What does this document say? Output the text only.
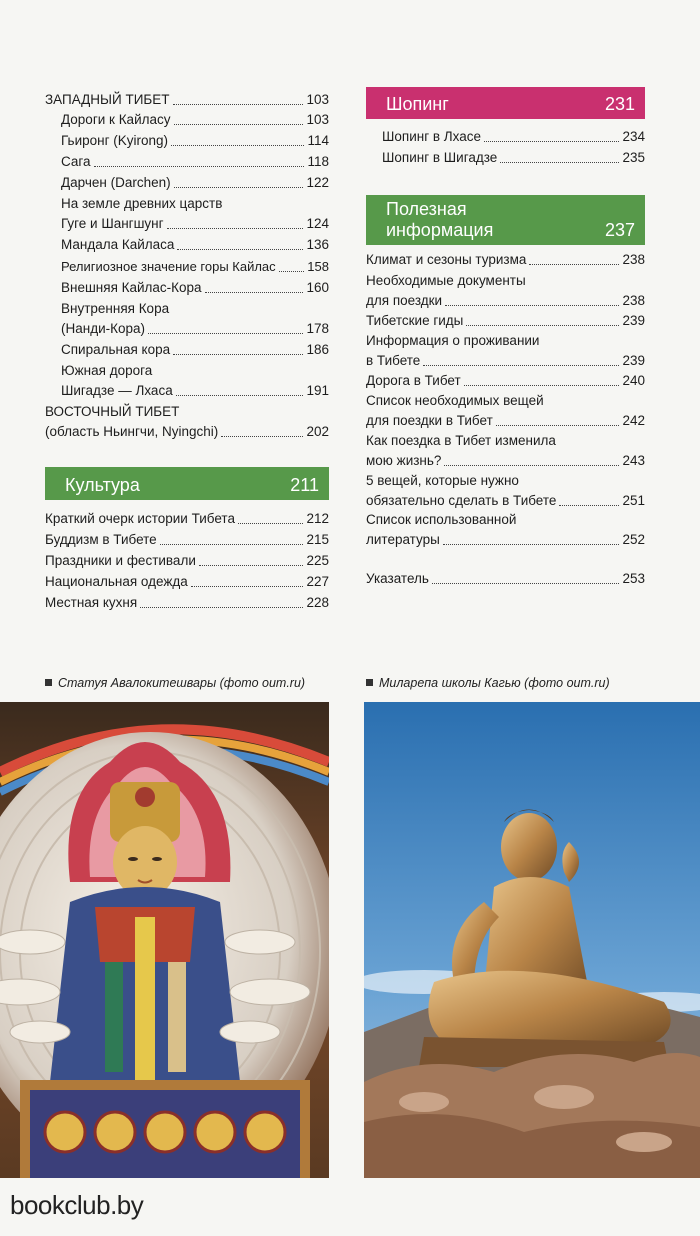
ЗАПАДНЫЙ ТИБЕТ	103
Дороги к Кайласу	103
Гьиронг (Kyirong)	114
Сага	118
Дарчен (Darchen)	122
На земле древних царств
Гуге и Шангшунг	124
Мандала Кайласа	136
Религиозное значение горы Кайлас 158
Внешняя Кайлас-Кора	160
Внутренняя Кора
(Нанди-Кора)	178
Спиральная кора	186
Южная дорога
Шигадзе — Лхаса	191
ВОСТОЧНЫЙ ТИБЕТ
(область Ньингчи, Nyingchi)	202
Культура	211
Краткий очерк истории Тибета	212
Буддизм в Тибете	215
Праздники и фестивали	225
Национальная одежда	227
Местная кухня	228
Шопинг	231
Шопинг в Лхасе	234
Шопинг в Шигадзе	235
Полезная
информация	237
Климат и сезоны туризма	238
Необходимые документы
для поездки	238
Тибетские гиды	239
Информация о проживании
в Тибете	239
Дорога в Тибет	240
Список необходимых вещей
для поездки в Тибет	242
Как поездка в Тибет изменила
мою жизнь?	243
5 вещей, которые нужно
обязательно сделать в Тибете	251
Список использованной
литературы	252
Указатель	253
Статуя Авалокитешвары (фото oum.ru)	Миларепа школы Кагью (фото oum.ru)
bookclub.by
